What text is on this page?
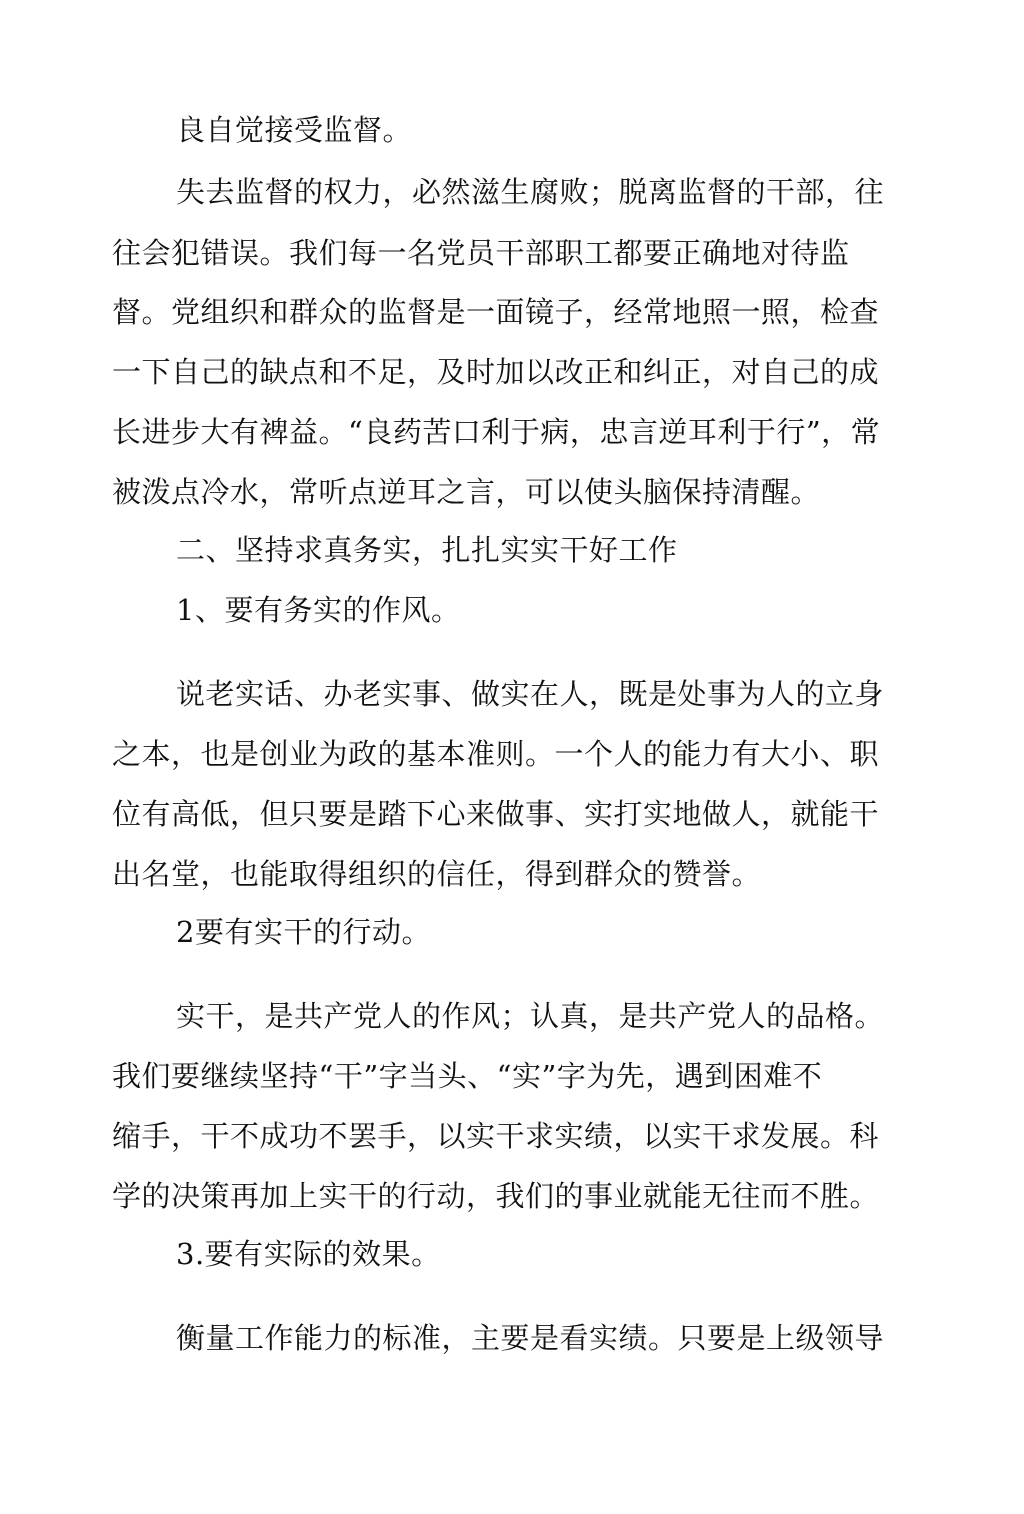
良自觉接受监督。
失去监督的权力，必然滋生腐败；脱离监督的干部，往
往会犯错误。我们每一名党员干部职工都要正确地对待监
督。党组织和群众的监督是一面镜子，经常地照一照，检查
一下自己的缺点和不足，及时加以改正和纠正，对自己的成
长进步大有裨益。“良药苦口利于病，忠言逆耳利于行”，常
被泼点冷水，常听点逆耳之言，可以使头脑保持清醒。
二、坚持求真务实，扎扎实实干好工作
1、要有务实的作风。
说老实话、办老实事、做实在人，既是处事为人的立身
之本，也是创业为政的基本准则。一个人的能力有大小、职
位有高低，但只要是踏下心来做事、实打实地做人，就能干
出名堂，也能取得组织的信任，得到群众的赞誉。
2要有实干的行动。
实干，是共产党人的作风；认真，是共产党人的品格。
我们要继续坚持“干”字当头、“实”字为先，遇到困难不
缩手，干不成功不罢手，以实干求实绩，以实干求发展。科
学的决策再加上实干的行动，我们的事业就能无往而不胜。
3.要有实际的效果。
衡量工作能力的标准，主要是看实绩。只要是上级领导
